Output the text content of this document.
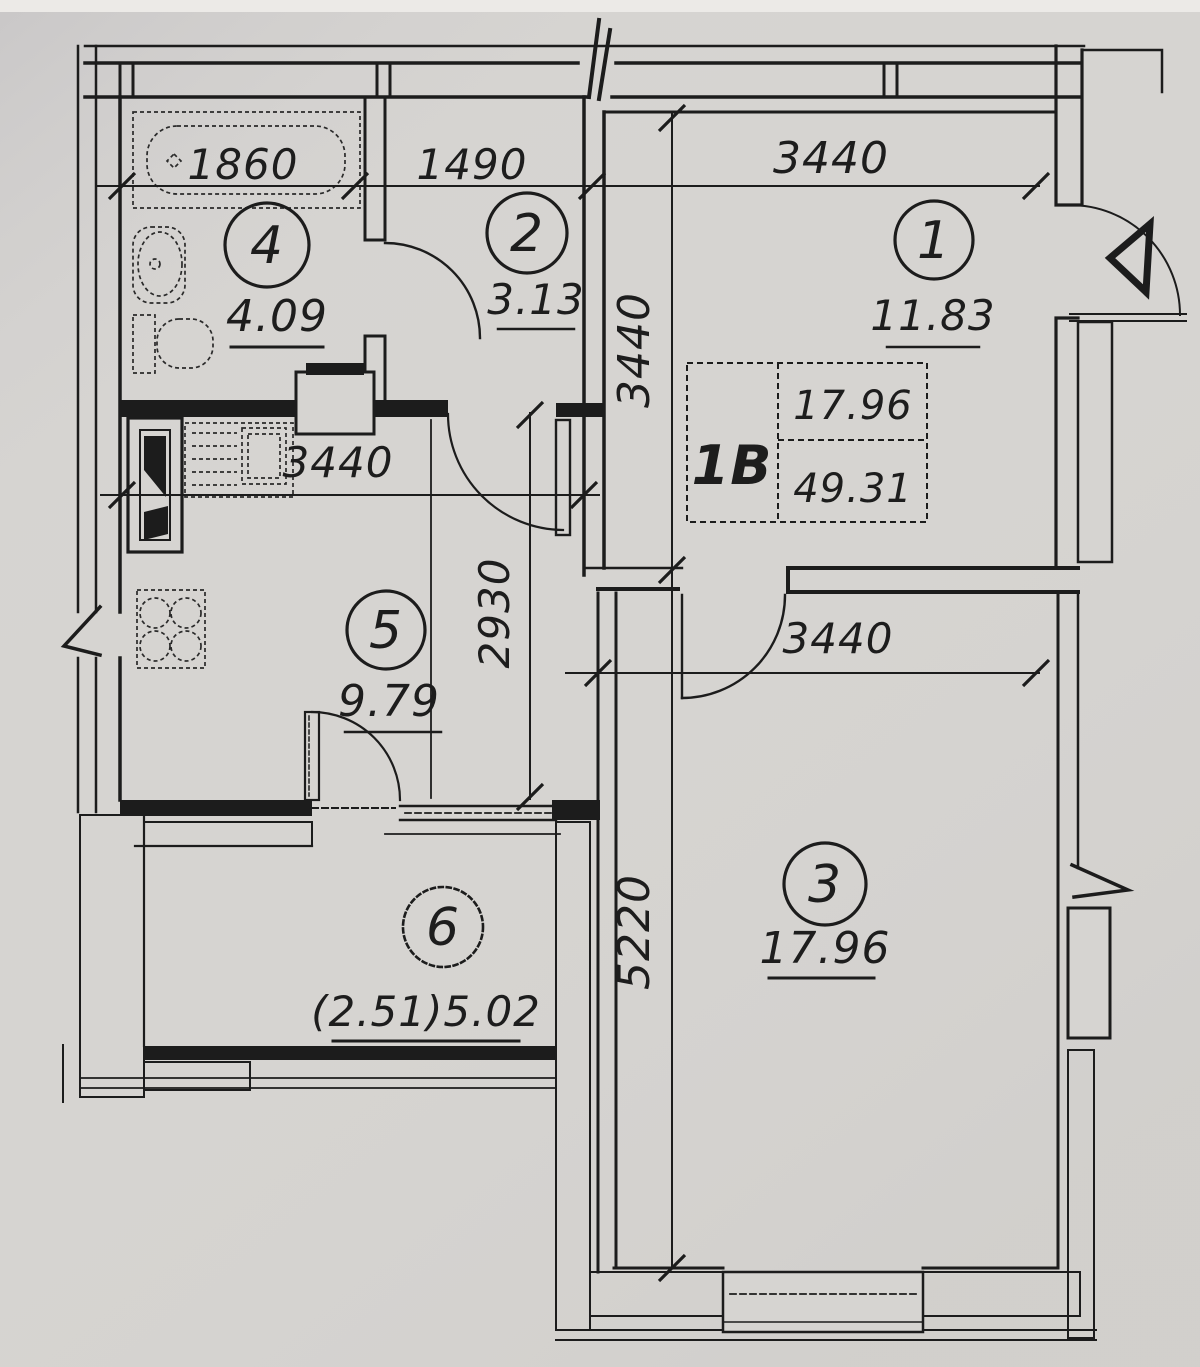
1860	1490	3440
3440
3440
2930	3440
5220
4
4.09
2
3.13
1
11.83
5
9.79
3
17.96
6
(2.51)5.02
1B
17.96
49.31
